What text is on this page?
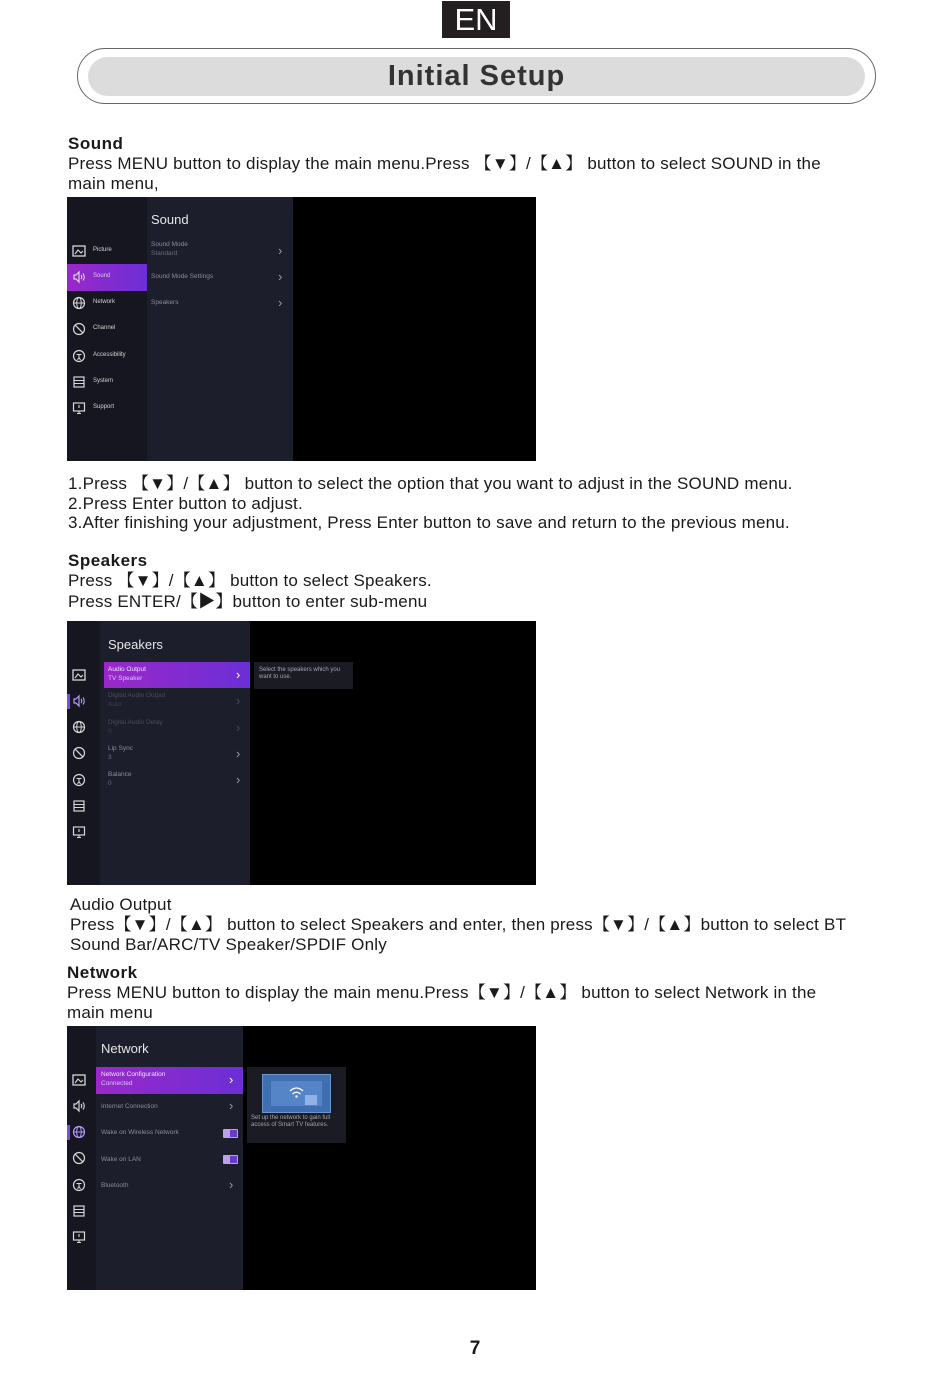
EN
Initial Setup
Sound
Press MENU button to display the main menu.Press 【▼】/【▲】 button to select SOUND in the
main menu,
Sound
Picture
Sound
Network
Channel
Accessibility
System
Support
Sound Mode
Standard	›
Sound Mode Settings	›
Speakers	›
1.Press 【▼】/【▲】 button to select the option that you want to adjust in the SOUND menu.
2.Press Enter button to adjust.
3.After finishing your adjustment, Press Enter button to save and return to the previous menu.
Speakers
Press 【▼】/【▲】 button to select Speakers.
Press ENTER/【▶】button to enter sub-menu
Speakers
Audio Output
TV Speaker	›
Digital Audio Output
Auto	›
Digital Audio Delay
0	›
Lip Sync
3	›
Balance
0	›
Select the speakers which you want to use.
Audio Output
Press【▼】/【▲】 button to select Speakers and enter, then press【▼】/【▲】button to select BT
Sound Bar/ARC/TV Speaker/SPDIF Only
Network
Press MENU button to display the main menu.Press【▼】/【▲】 button to select Network in the
main menu
Network
Network Configuration
Connected	›
Internet Connection	›
Wake on Wireless Network
Wake on LAN
Bluetooth	›
Set up the network to gain full access of Smart TV features.
7
